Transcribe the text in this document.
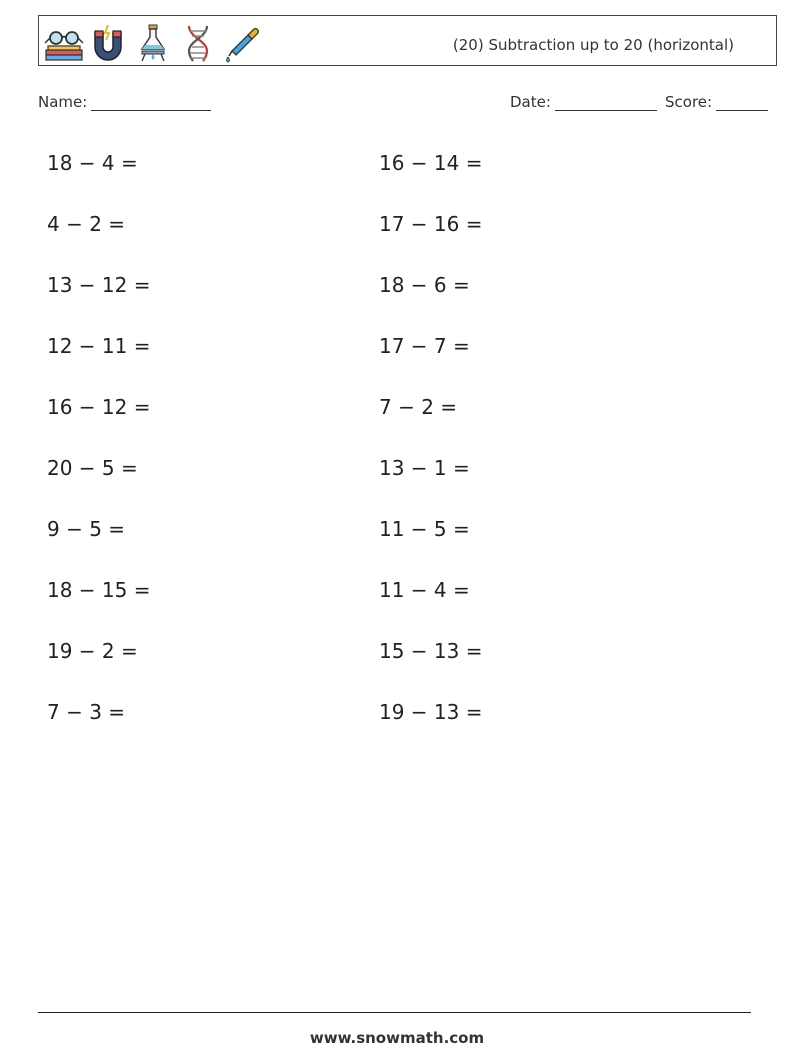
(20) Subtraction up to 20 (horizontal)
Name:	Date:	Score:
18 − 4 =
4 − 2 =
13 − 12 =
12 − 11 =
16 − 12 =
20 − 5 =
9 − 5 =
18 − 15 =
19 − 2 =
7 − 3 =
16 − 14 =
17 − 16 =
18 − 6 =
17 − 7 =
7 − 2 =
13 − 1 =
11 − 5 =
11 − 4 =
15 − 13 =
19 − 13 =
www.snowmath.com
